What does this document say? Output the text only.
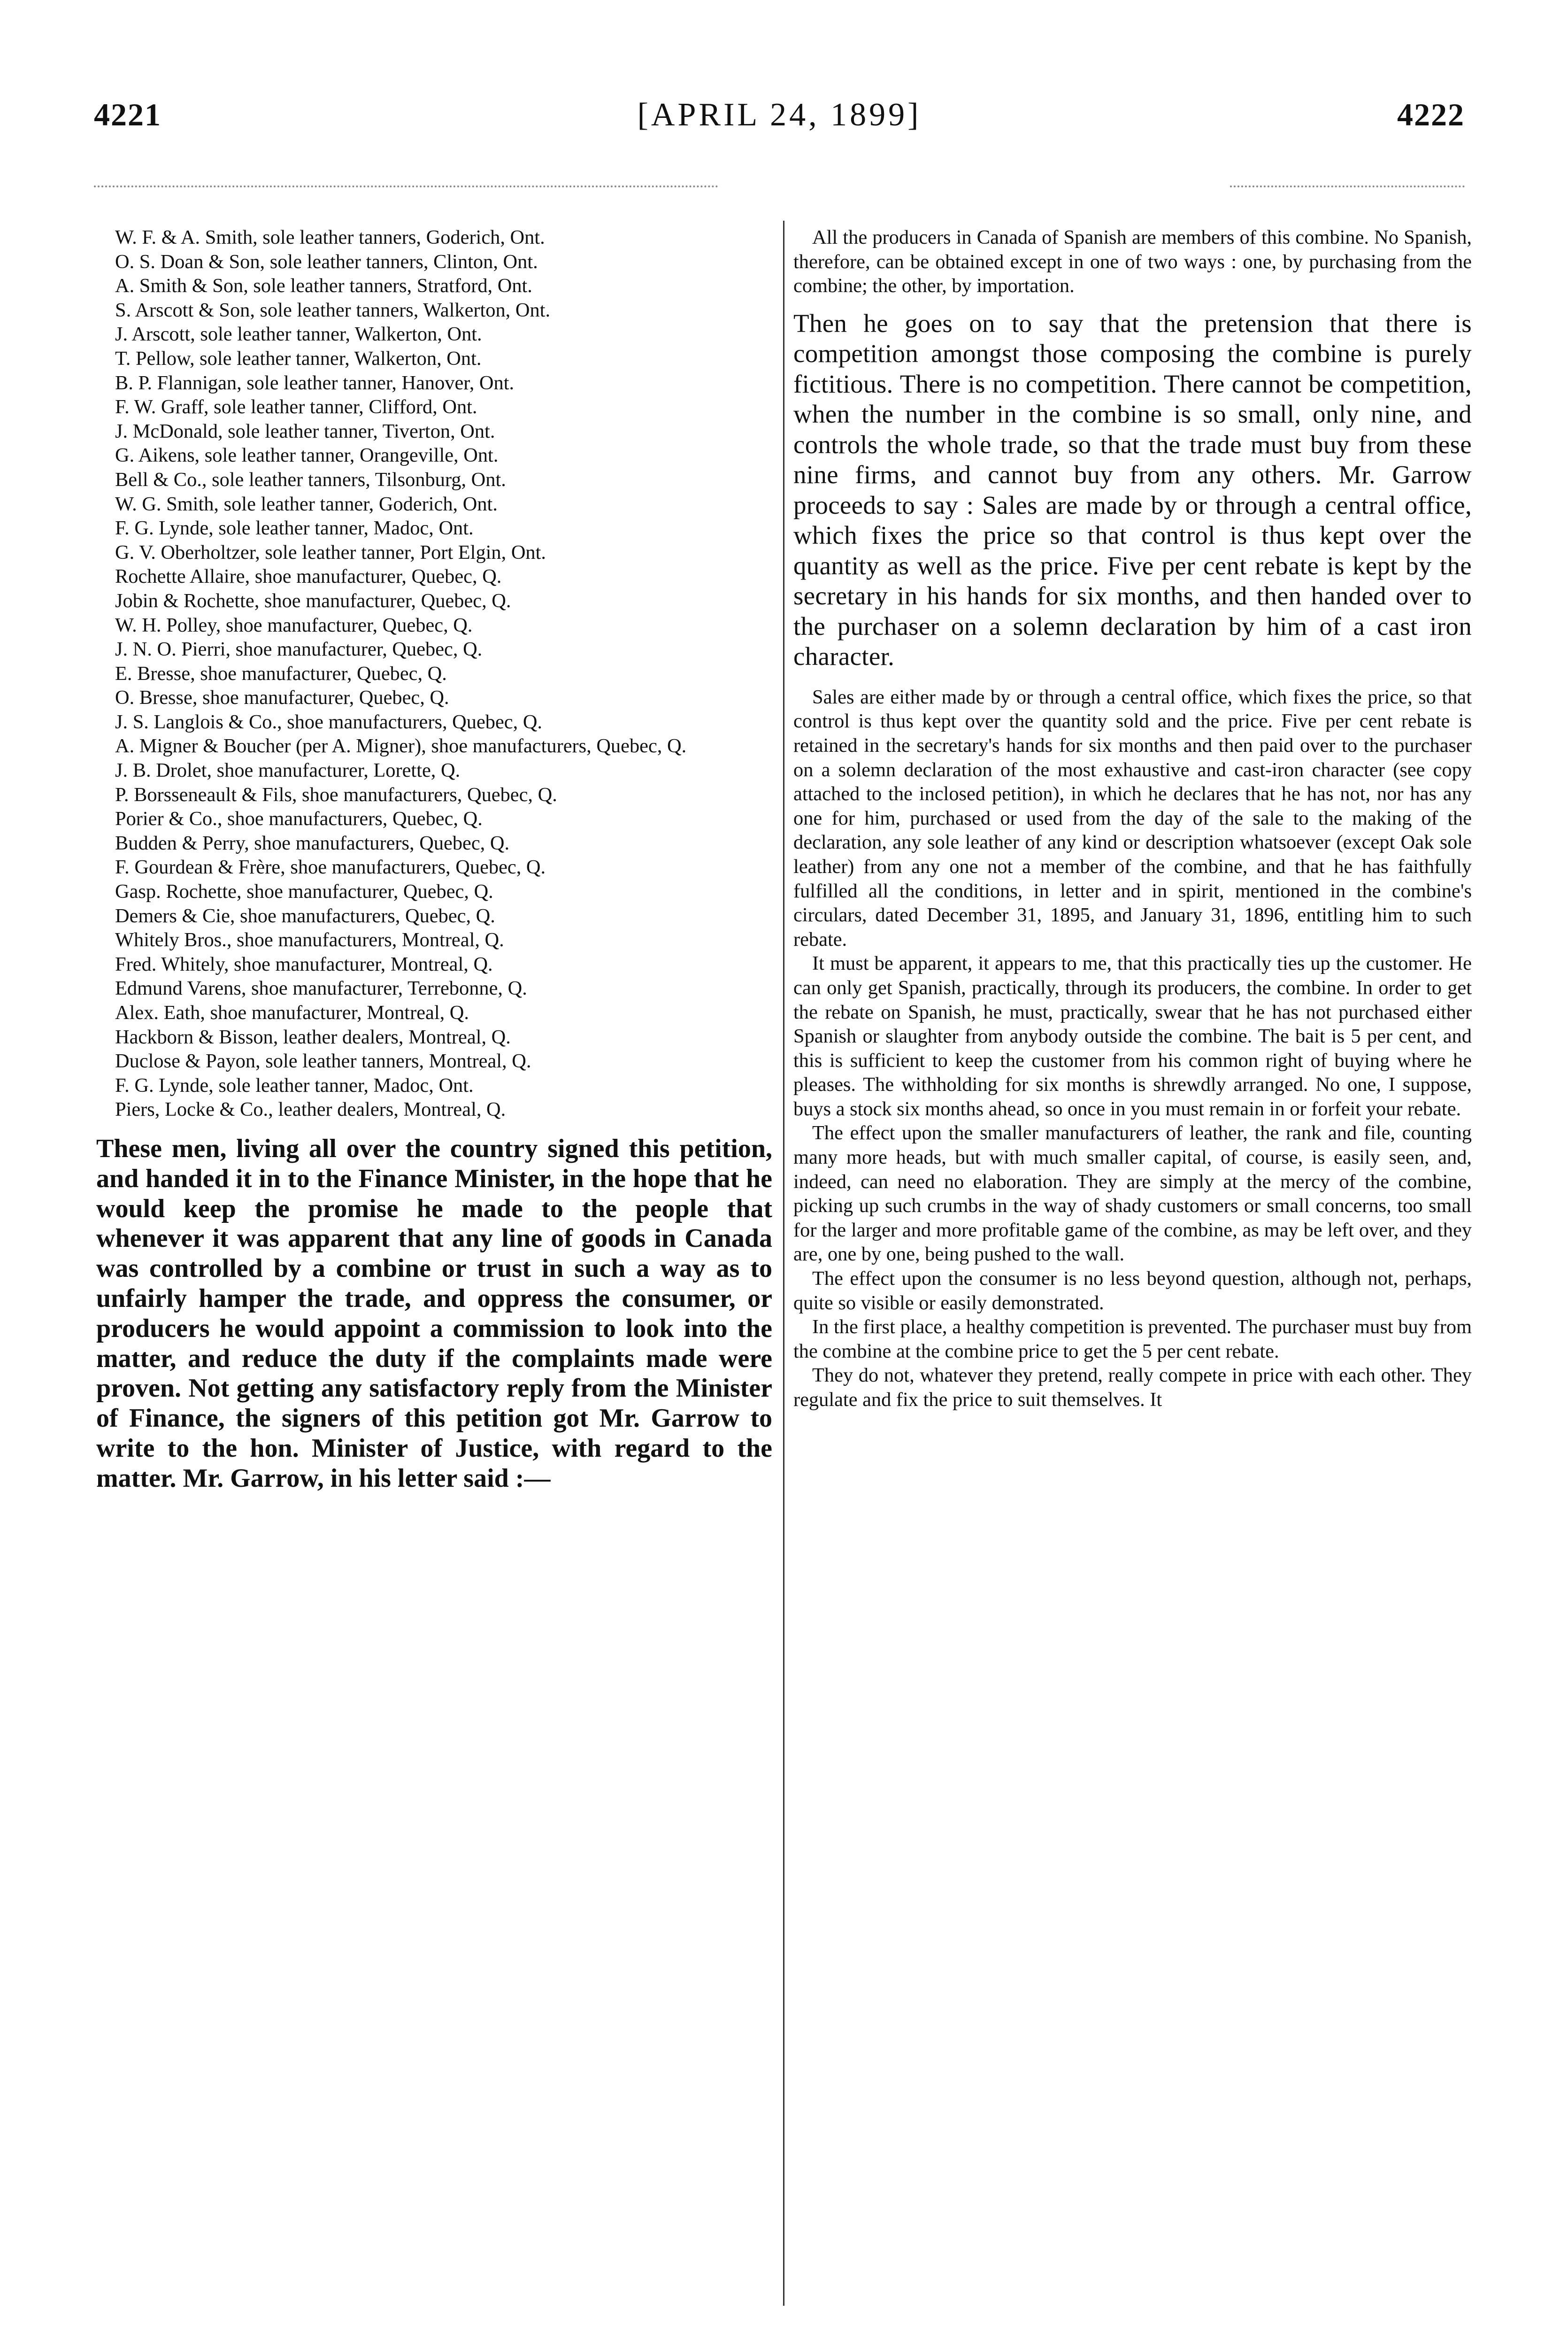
4221	[APRIL 24, 1899]	4222

W. F. & A. Smith, sole leather tanners, Goderich, Ont.

O. S. Doan & Son, sole leather tanners, Clinton, Ont.

A. Smith & Son, sole leather tanners, Stratford, Ont.

S. Arscott & Son, sole leather tanners, Walkerton, Ont.

J. Arscott, sole leather tanner, Walkerton, Ont.

T. Pellow, sole leather tanner, Walkerton, Ont.

B. P. Flannigan, sole leather tanner, Hanover, Ont.

F. W. Graff, sole leather tanner, Clifford, Ont.

J. McDonald, sole leather tanner, Tiverton, Ont.

G. Aikens, sole leather tanner, Orangeville, Ont.

Bell & Co., sole leather tanners, Tilsonburg, Ont.

W. G. Smith, sole leather tanner, Goderich, Ont.

F. G. Lynde, sole leather tanner, Madoc, Ont.

G. V. Oberholtzer, sole leather tanner, Port Elgin, Ont.

Rochette Allaire, shoe manufacturer, Quebec, Q.

Jobin & Rochette, shoe manufacturer, Quebec, Q.

W. H. Polley, shoe manufacturer, Quebec, Q.

J. N. O. Pierri, shoe manufacturer, Quebec, Q.

E. Bresse, shoe manufacturer, Quebec, Q.

O. Bresse, shoe manufacturer, Quebec, Q.

J. S. Langlois & Co., shoe manufacturers, Quebec, Q.

A. Migner & Boucher (per A. Migner), shoe manufacturers, Quebec, Q.

J. B. Drolet, shoe manufacturer, Lorette, Q.

P. Borsseneault & Fils, shoe manufacturers, Quebec, Q.

Porier & Co., shoe manufacturers, Quebec, Q.

Budden & Perry, shoe manufacturers, Quebec, Q.

F. Gourdean & Frère, shoe manufacturers, Quebec, Q.

Gasp. Rochette, shoe manufacturer, Quebec, Q.

Demers & Cie, shoe manufacturers, Quebec, Q.

Whitely Bros., shoe manufacturers, Montreal, Q.

Fred. Whitely, shoe manufacturer, Montreal, Q.

Edmund Varens, shoe manufacturer, Terrebonne, Q.

Alex. Eath, shoe manufacturer, Montreal, Q.

Hackborn & Bisson, leather dealers, Montreal, Q.

Duclose & Payon, sole leather tanners, Montreal, Q.

F. G. Lynde, sole leather tanner, Madoc, Ont.

Piers, Locke & Co., leather dealers, Montreal, Q.

These men, living all over the country signed this petition, and handed it in to the Finance Minister, in the hope that he would keep the promise he made to the people that whenever it was apparent that any line of goods in Canada was controlled by a combine or trust in such a way as to unfairly hamper the trade, and oppress the consumer, or producers he would appoint a commission to look into the matter, and reduce the duty if the complaints made were proven. Not getting any satisfactory reply from the Minister of Finance, the signers of this petition got Mr. Garrow to write to the hon. Minister of Justice, with regard to the matter. Mr. Garrow, in his letter said :—

All the producers in Canada of Spanish are members of this combine. No Spanish, therefore, can be obtained except in one of two ways : one, by purchasing from the combine; the other, by importation.

Then he goes on to say that the pretension that there is competition amongst those composing the combine is purely fictitious. There is no competition. There cannot be competition, when the number in the combine is so small, only nine, and controls the whole trade, so that the trade must buy from these nine firms, and cannot buy from any others. Mr. Garrow proceeds to say : Sales are made by or through a central office, which fixes the price so that control is thus kept over the quantity as well as the price. Five per cent rebate is kept by the secretary in his hands for six months, and then handed over to the purchaser on a solemn declaration by him of a cast iron character.

Sales are either made by or through a central office, which fixes the price, so that control is thus kept over the quantity sold and the price. Five per cent rebate is retained in the secretary's hands for six months and then paid over to the purchaser on a solemn declaration of the most exhaustive and cast-iron character (see copy attached to the inclosed petition), in which he declares that he has not, nor has any one for him, purchased or used from the day of the sale to the making of the declaration, any sole leather of any kind or description whatsoever (except Oak sole leather) from any one not a member of the combine, and that he has faithfully fulfilled all the conditions, in letter and in spirit, mentioned in the combine's circulars, dated December 31, 1895, and January 31, 1896, entitling him to such rebate.

It must be apparent, it appears to me, that this practically ties up the customer. He can only get Spanish, practically, through its producers, the combine. In order to get the rebate on Spanish, he must, practically, swear that he has not purchased either Spanish or slaughter from anybody outside the combine. The bait is 5 per cent, and this is sufficient to keep the customer from his common right of buying where he pleases. The withholding for six months is shrewdly arranged. No one, I suppose, buys a stock six months ahead, so once in you must remain in or forfeit your rebate.

The effect upon the smaller manufacturers of leather, the rank and file, counting many more heads, but with much smaller capital, of course, is easily seen, and, indeed, can need no elaboration. They are simply at the mercy of the combine, picking up such crumbs in the way of shady customers or small concerns, too small for the larger and more profitable game of the combine, as may be left over, and they are, one by one, being pushed to the wall.

The effect upon the consumer is no less beyond question, although not, perhaps, quite so visible or easily demonstrated.

In the first place, a healthy competition is prevented. The purchaser must buy from the combine at the combine price to get the 5 per cent rebate.

They do not, whatever they pretend, really compete in price with each other. They regulate and fix the price to suit themselves. It
